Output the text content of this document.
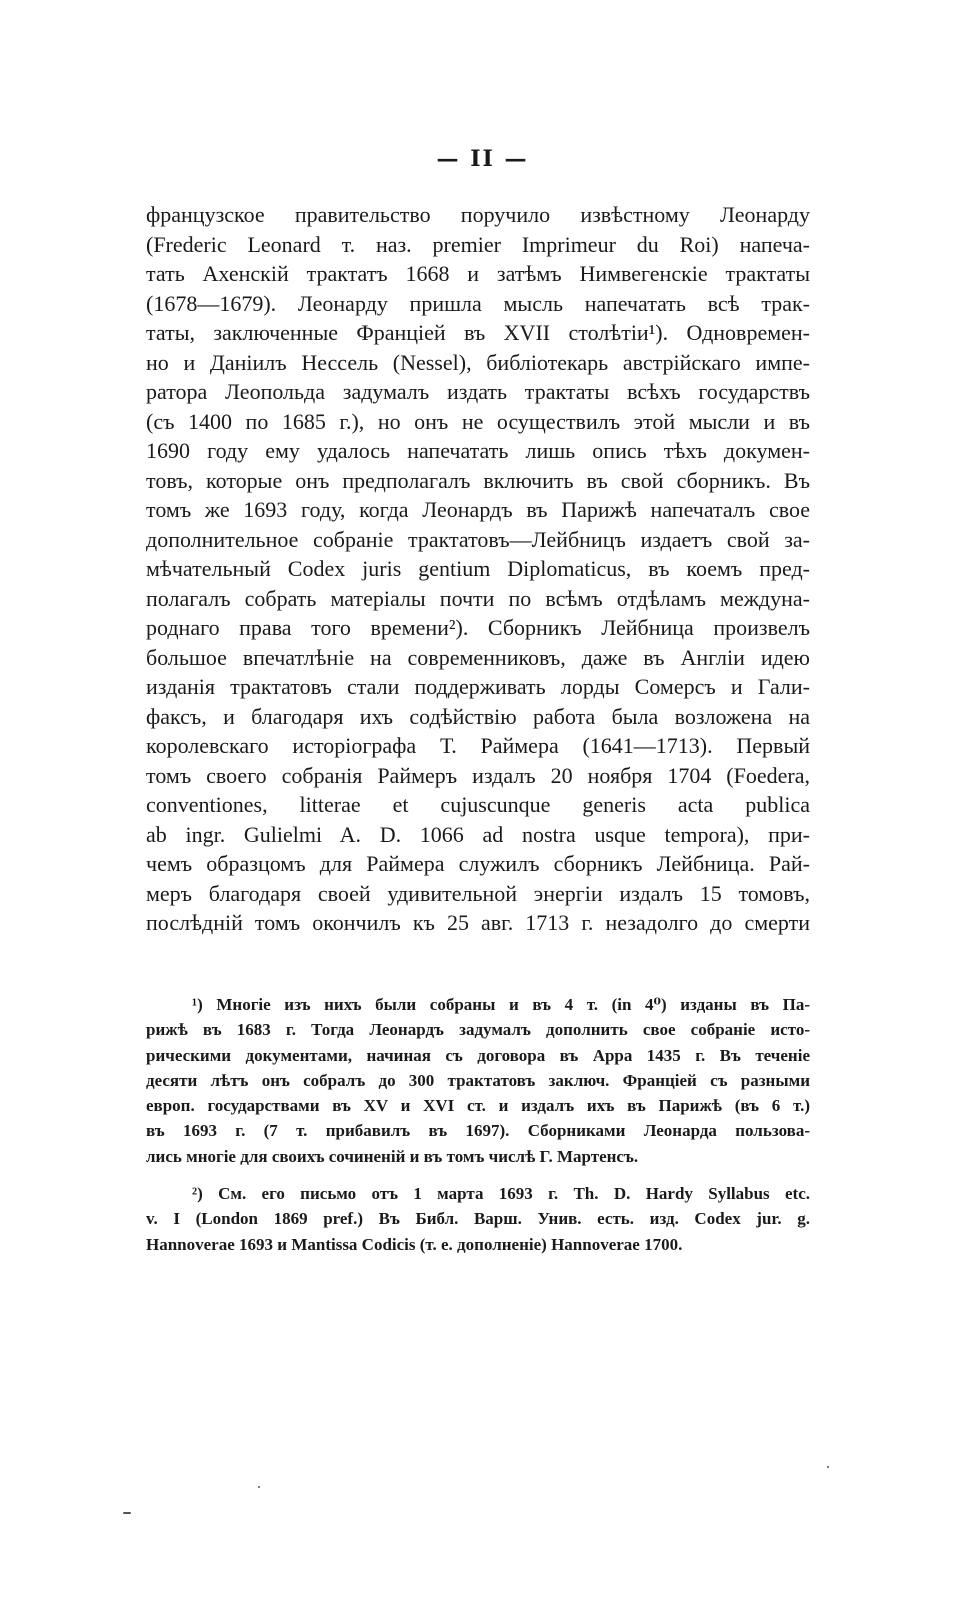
— II —
французское правительство поручило извѣстному Леонарду
(Frederic Leonard т. наз. premier Imprimeur du Roi) напеча-
тать Ахенскій трактатъ 1668 и затѣмъ Нимвегенскіе трактаты
(1678—1679). Леонарду пришла мысль напечатать всѣ трак-
таты, заключенные Франціей въ XVII столѣтіи¹). Одновремен-
но и Даніилъ Нессель (Nessel), библіотекарь австрійскаго импе-
ратора Леопольда задумалъ издать трактаты всѣхъ государствъ
(съ 1400 по 1685 г.), но онъ не осуществилъ этой мысли и въ
1690 году ему удалось напечатать лишь опись тѣхъ докумен-
товъ, которые онъ предполагалъ включить въ свой сборникъ. Въ
томъ же 1693 году, когда Леонардъ въ Парижѣ напечаталъ свое
дополнительное собраніе трактатовъ—Лейбницъ издаетъ свой за-
мѣчательный Codex juris gentium Diplomaticus, въ коемъ пред-
полагалъ собрать матеріалы почти по всѣмъ отдѣламъ междуна-
роднаго права того времени²). Сборникъ Лейбница произвелъ
большое впечатлѣніе на современниковъ, даже въ Англіи идею
изданія трактатовъ стали поддерживать лорды Сомерсъ и Гали-
факсъ, и благодаря ихъ содѣйствію работа была возложена на
королевскаго исторіографа Т. Раймера (1641—1713). Первый
томъ своего собранія Раймеръ издалъ 20 ноября 1704 (Foedera,
conventiones, litterae et cujuscunque generis acta publica
ab ingr. Gulielmi A. D. 1066 ad nostra usque tempora), при-
чемъ образцомъ для Раймера служилъ сборникъ Лейбница. Рай-
меръ благодаря своей удивительной энергіи издалъ 15 томовъ,
послѣдній томъ окончилъ къ 25 авг. 1713 г. незадолго до смерти
¹) Многіе изъ нихъ были собраны и въ 4 т. (in 4⁰) изданы въ Па-
рижѣ въ 1683 г. Тогда Леонардъ задумалъ дополнить свое собраніе исто-
рическими документами, начиная съ договора въ Арра 1435 г. Въ теченіе
десяти лѣтъ онъ собралъ до 300 трактатовъ заключ. Франціей съ разными
европ. государствами въ XV и XVI ст. и издалъ ихъ въ Парижѣ (въ 6 т.)
въ 1693 г. (7 т. прибавилъ въ 1697). Сборниками Леонарда пользова-
лись многіе для своихъ сочиненій и въ томъ числѣ Г. Мартенсъ.
²) См. его письмо отъ 1 марта 1693 г. Th. D. Hardy Syllabus etc.
v. I (London 1869 pref.) Въ Библ. Варш. Унив. есть. изд. Codex jur. g.
Hannoverae 1693 и Mantissa Codicis (т. е. дополненіе) Hannoverae 1700.
